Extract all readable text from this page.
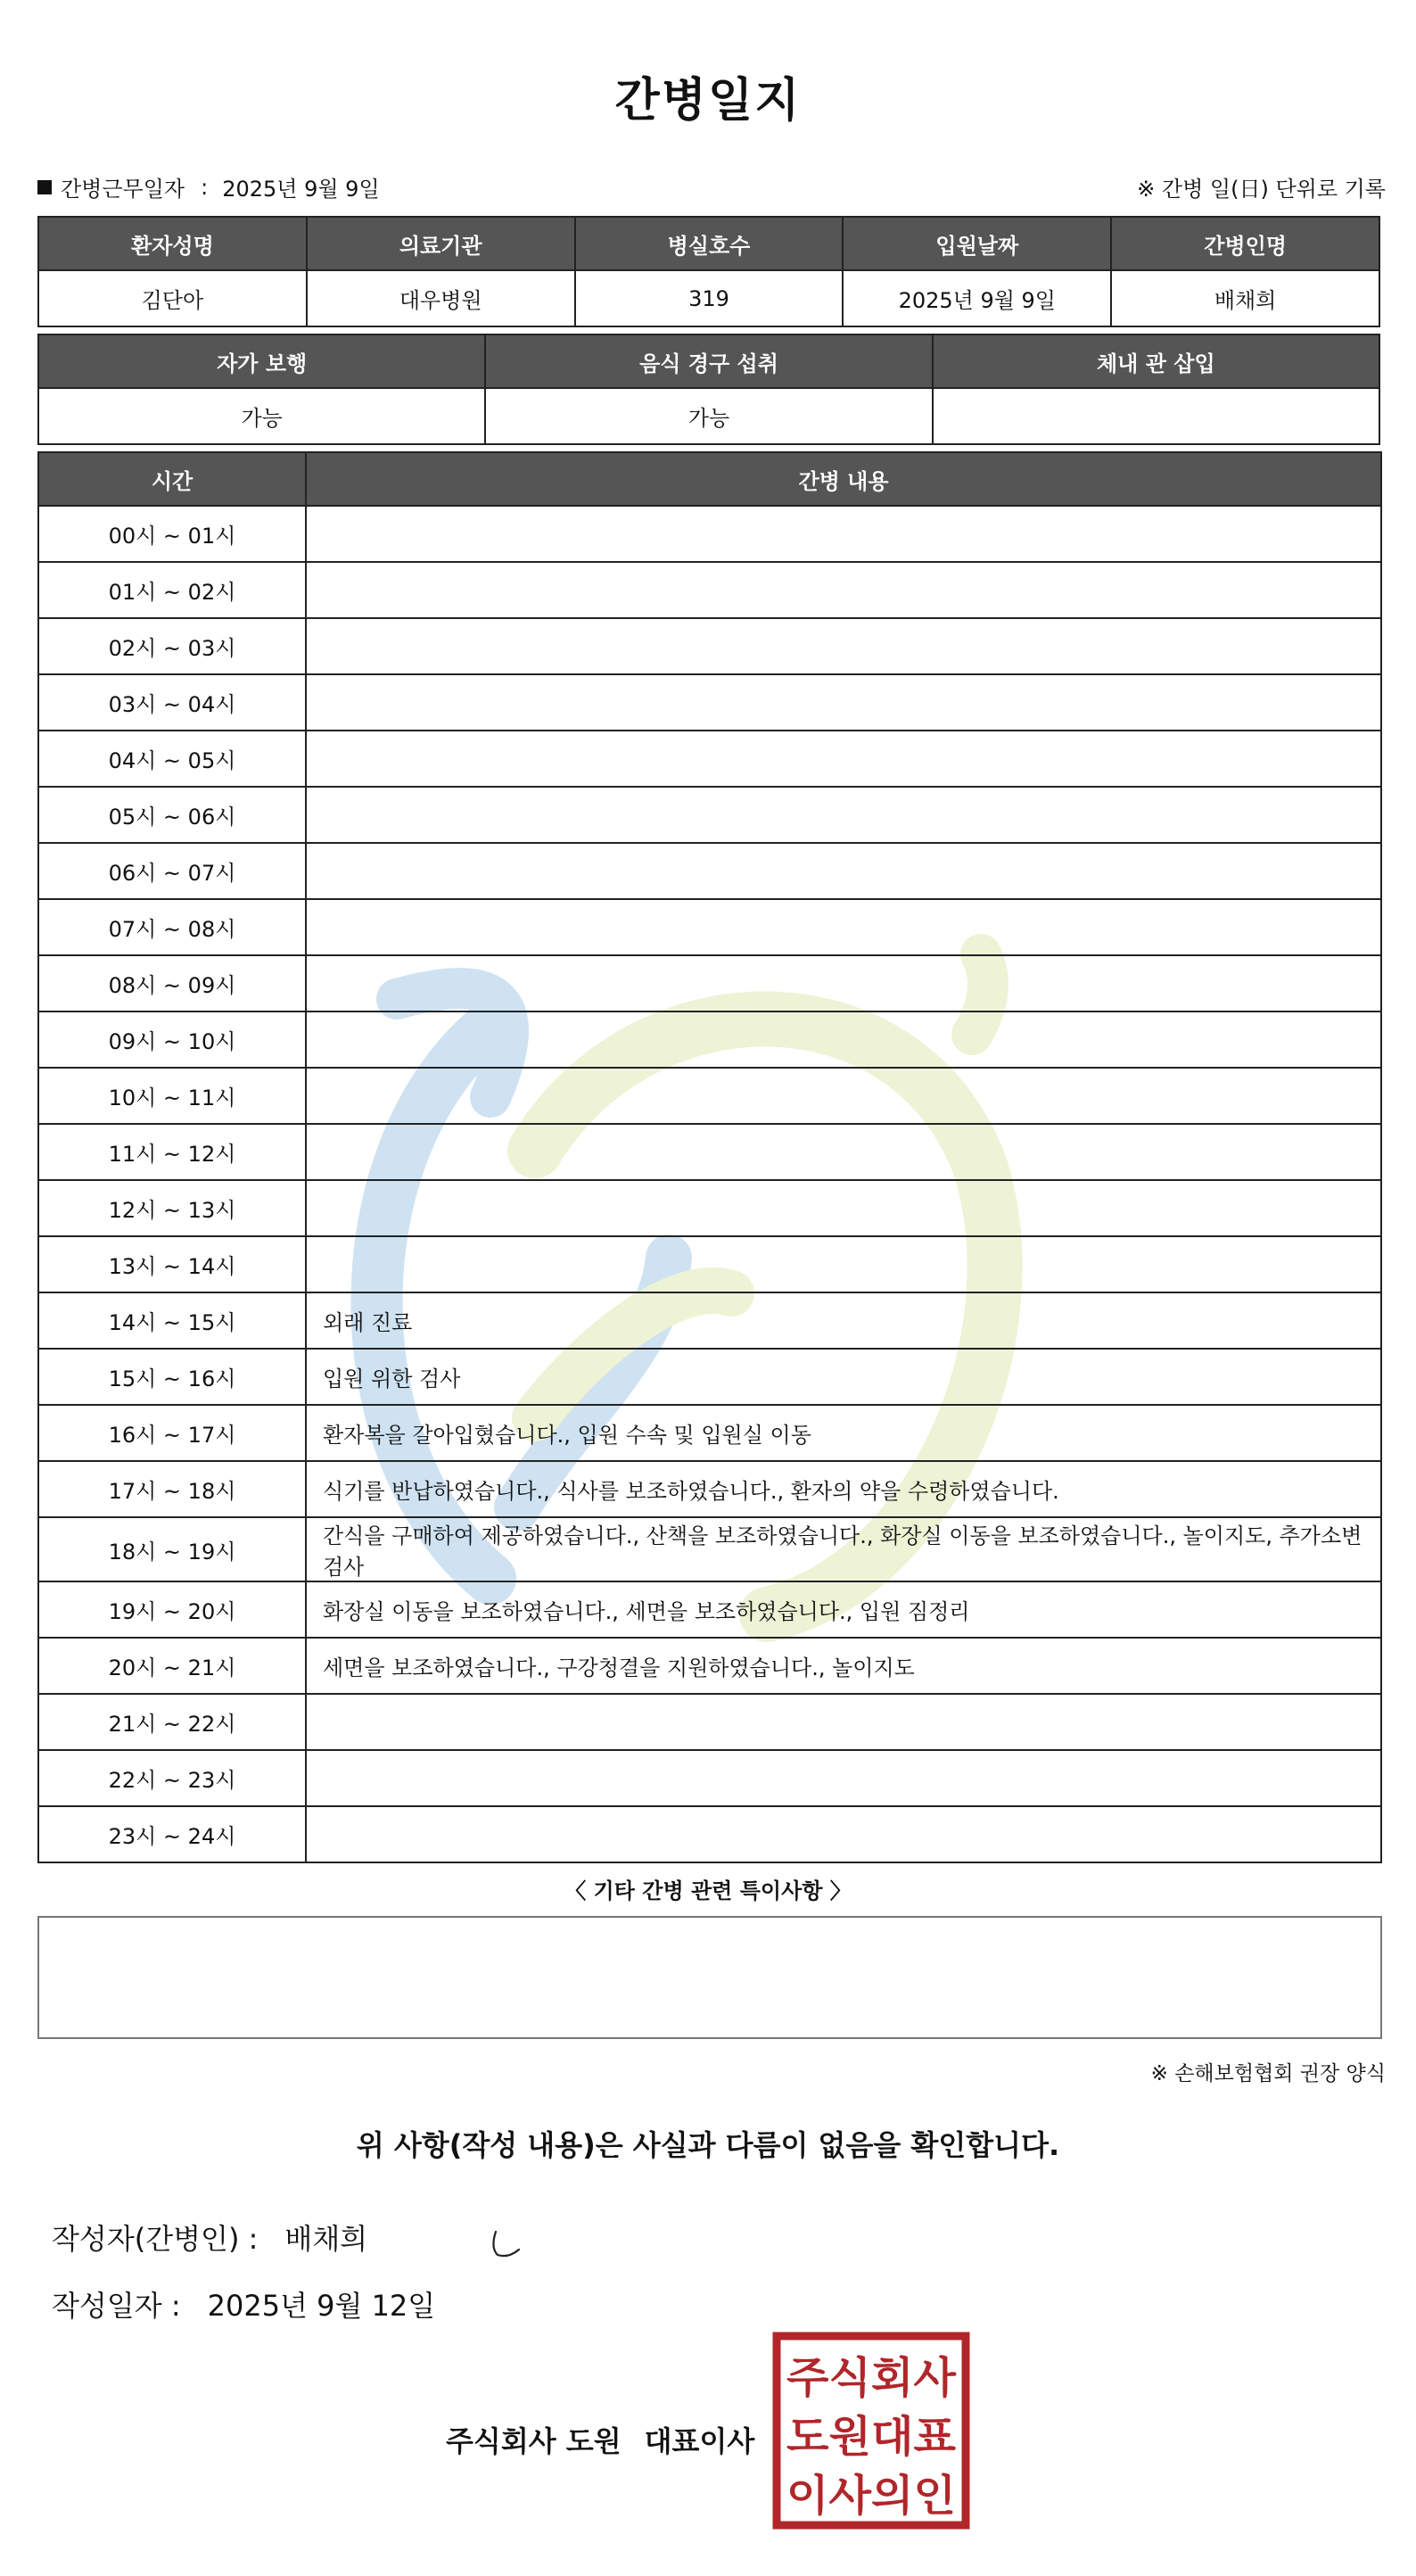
간병일지
간병근무일자 : 2025년 9월 9일	※ 간병 일(日) 단위로 기록
환자성명	의료기관	병실호수	입원날짜	간병인명
김단아	대우병원	319	2025년 9월 9일	배채희
자가 보행	음식 경구 섭취	체내 관 삽입
가능	가능	
시간	간병 내용
00시 ~ 01시	
01시 ~ 02시	
02시 ~ 03시	
03시 ~ 04시	
04시 ~ 05시	
05시 ~ 06시	
06시 ~ 07시	
07시 ~ 08시	
08시 ~ 09시	
09시 ~ 10시	
10시 ~ 11시	
11시 ~ 12시	
12시 ~ 13시	
13시 ~ 14시	
14시 ~ 15시	외래 진료
15시 ~ 16시	입원 위한 검사
16시 ~ 17시	환자복을 갈아입혔습니다., 입원 수속 및 입원실 이동
17시 ~ 18시	식기를 반납하였습니다., 식사를 보조하였습니다., 환자의 약을 수령하였습니다.
18시 ~ 19시	간식을 구매하여 제공하였습니다., 산책을 보조하였습니다., 화장실 이동을 보조하였습니다., 놀이지도, 추가소변검사
19시 ~ 20시	화장실 이동을 보조하였습니다., 세면을 보조하였습니다., 입원 짐정리
20시 ~ 21시	세면을 보조하였습니다., 구강청결을 지원하였습니다., 놀이지도
21시 ~ 22시	
22시 ~ 23시	
23시 ~ 24시	
〈 기타 간병 관련 특이사항 〉
※ 손해보험협회 권장 양식
위 사항(작성 내용)은 사실과 다름이 없음을 확인합니다.
작성자(간병인) : 배채희
작성일자 : 2025년 9월 12일
주식회사 도원 대표이사
주식회사
도원대표
이사의인
